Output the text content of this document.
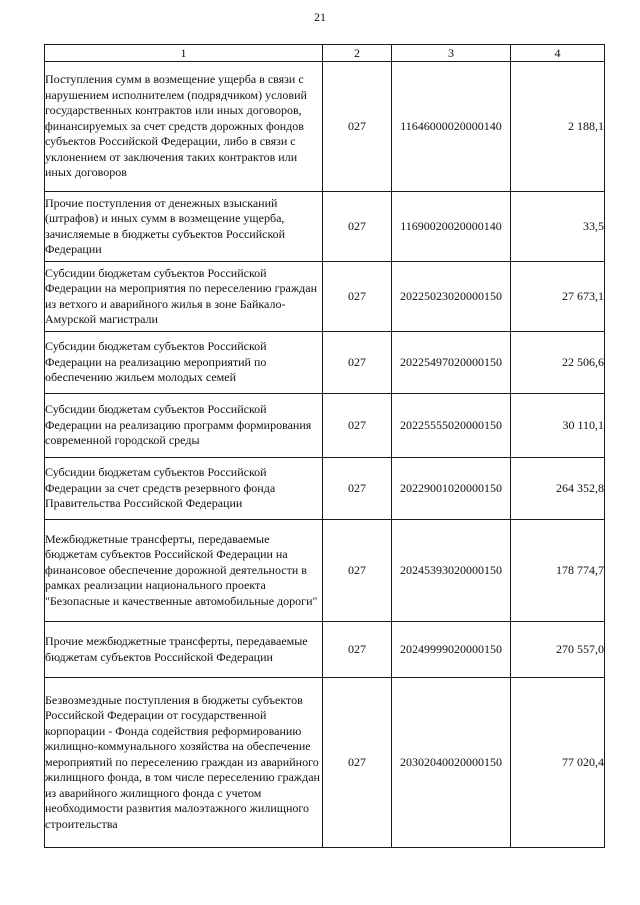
21
1	2	3	4
Поступления сумм в возмещение ущерба в связи с нарушением исполнителем (подрядчиком) условий государственных контрактов или иных договоров, финансируемых за счет средств дорожных фондов субъектов Российской Федерации, либо в связи с уклонением от заключения таких контрактов или иных договоров	027	11646000020000140	2 188,1
Прочие поступления от денежных взысканий (штрафов) и иных сумм в возмещение ущерба, зачисляемые в бюджеты субъектов Российской Федерации	027	11690020020000140	33,5
Субсидии бюджетам субъектов Российской Федерации на мероприятия по переселению граждан из ветхого и аварийного жилья в зоне Байкало-Амурской магистрали	027	20225023020000150	27 673,1
Субсидии бюджетам субъектов Российской Федерации на реализацию мероприятий по обеспечению жильем молодых семей	027	20225497020000150	22 506,6
Субсидии бюджетам субъектов Российской Федерации на реализацию программ формирования современной городской среды	027	20225555020000150	30 110,1
Субсидии бюджетам субъектов Российской Федерации за счет средств резервного фонда Правительства Российской Федерации	027	20229001020000150	264 352,8
Межбюджетные трансферты, передаваемые бюджетам субъектов Российской Федерации на финансовое обеспечение дорожной деятельности в рамках реализации национального проекта "Безопасные и качественные автомобильные дороги"	027	20245393020000150	178 774,7
Прочие межбюджетные трансферты, передаваемые бюджетам субъектов Российской Федерации	027	20249999020000150	270 557,0
Безвозмездные поступления в бюджеты субъектов Российской Федерации от государственной корпорации - Фонда содействия реформированию жилищно-коммунального хозяйства на обеспечение мероприятий по переселению граждан из аварийного жилищного фонда, в том числе переселению граждан из аварийного жилищного фонда с учетом необходимости развития малоэтажного жилищного строительства	027	20302040020000150	77 020,4
